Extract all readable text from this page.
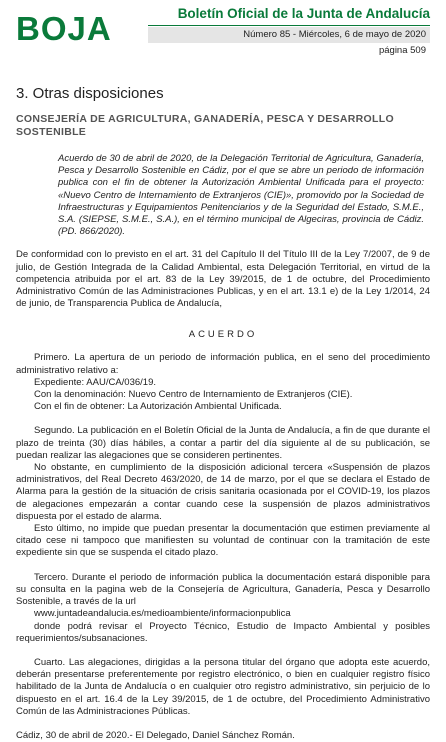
BOJA	Boletín Oficial de la Junta de Andalucía
Número 85 - Miércoles, 6 de mayo de 2020
página 509
3. Otras disposiciones
CONSEJERÍA DE AGRICULTURA, GANADERÍA, PESCA Y DESARROLLO SOSTENIBLE
Acuerdo de 30 de abril de 2020, de la Delegación Territorial de Agricultura, Ganadería, Pesca y Desarrollo Sostenible en Cádiz, por el que se abre un periodo de información publica con el fin de obtener la Autorización Ambiental Unificada para el proyecto: «Nuevo Centro de Internamiento de Extranjeros (CIE)», promovido por la Sociedad de Infraestructuras y Equipamientos Penitenciarios y de la Seguridad del Estado, S.M.E., S.A. (SIEPSE, S.M.E., S.A.), en el término municipal de Algeciras, provincia de Cádiz. (PD. 866/2020).
De conformidad con lo previsto en el art. 31 del Capítulo II del Título III de la Ley 7/2007, de 9 de julio, de Gestión Integrada de la Calidad Ambiental, esta Delegación Territorial, en virtud de la competencia atribuida por el art. 83 de la Ley 39/2015, de 1 de octubre, del Procedimiento Administrativo Común de las Administraciones Publicas, y en el art. 13.1 e) de la Ley 1/2014, 24 de junio, de Transparencia Publica de Andalucía,
ACUERDO

Primero. La apertura de un periodo de información publica, en el seno del procedimiento administrativo relativo a:

Expediente: AAU/CA/036/19.

Con la denominación: Nuevo Centro de Internamiento de Extranjeros (CIE).

Con el fin de obtener: La Autorización Ambiental Unificada.

Segundo. La publicación en el Boletín Oficial de la Junta de Andalucía, a fin de que durante el plazo de treinta (30) días hábiles, a contar a partir del día siguiente al de su publicación, se puedan realizar las alegaciones que se consideren pertinentes.

No obstante, en cumplimiento de la disposición adicional tercera «Suspensión de plazos administrativos, del Real Decreto 463/2020, de 14 de marzo, por el que se declara el Estado de Alarma para la gestión de la situación de crisis sanitaria ocasionada por el COVID-19, los plazos de alegaciones empezarán a contar cuando cese la suspensión de plazos administrativos dispuesta por el estado de alarma.

Esto último, no impide que puedan presentar la documentación que estimen previamente al citado cese ni tampoco que manifiesten su voluntad de continuar con la tramitación de este expediente sin que se suspenda el citado plazo.

Tercero. Durante el periodo de información publica la documentación estará disponible para su consulta en la pagina web de la Consejería de Agricultura, Ganadería, Pesca y Desarrollo Sostenible, a través de la url

www.juntadeandalucia.es/medioambiente/informacionpublica

donde podrá revisar el Proyecto Técnico, Estudio de Impacto Ambiental y posibles requerimientos/subsanaciones.

Cuarto. Las alegaciones, dirigidas a la persona titular del órgano que adopta este acuerdo, deberán presentarse preferentemente por registro electrónico, o bien en cualquier registro físico habilitado de la Junta de Andalucía o en cualquier otro registro administrativo, sin perjuicio de lo dispuesto en el art. 16.4 de la Ley 39/2015, de 1 de octubre, del Procedimiento Administrativo Común de las Administraciones Públicas.

Cádiz, 30 de abril de 2020.- El Delegado, Daniel Sánchez Román.
